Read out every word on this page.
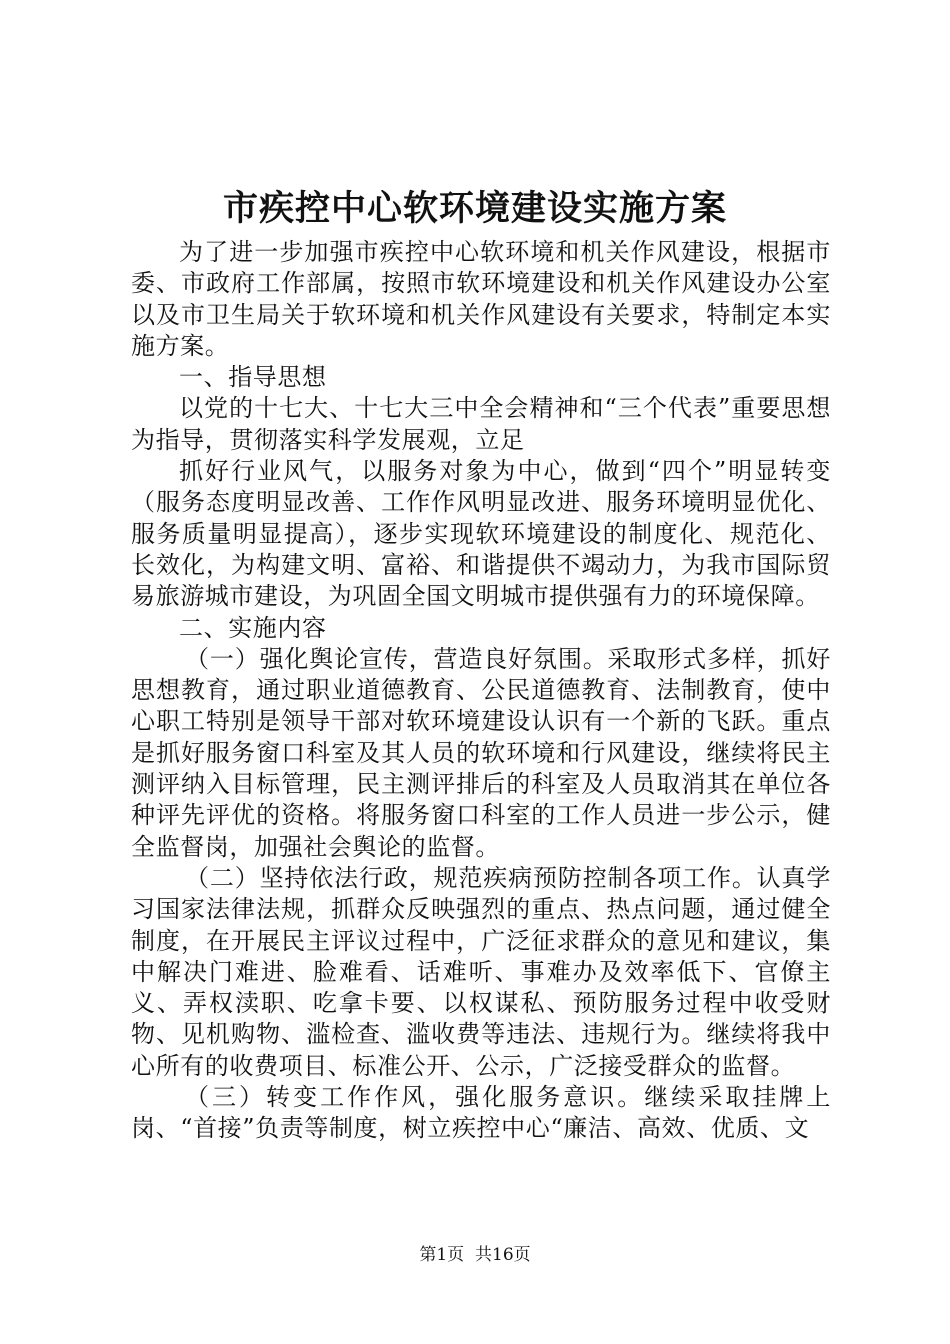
市疾控中心软环境建设实施方案

为了进一步加强市疾控中心软环境和机关作风建设，根据市委、市政府工作部属，按照市软环境建设和机关作风建设办公室以及市卫生局关于软环境和机关作风建设有关要求，特制定本实施方案。

一、指导思想

以党的十七大、十七大三中全会精神和“三个代表”重要思想为指导，贯彻落实科学发展观，立足

抓好行业风气，以服务对象为中心，做到“四个”明显转变（服务态度明显改善、工作作风明显改进、服务环境明显优化、服务质量明显提高），逐步实现软环境建设的制度化、规范化、长效化，为构建文明、富裕、和谐提供不竭动力，为我市国际贸易旅游城市建设，为巩固全国文明城市提供强有力的环境保障。

二、实施内容

（一）强化舆论宣传，营造良好氛围。采取形式多样，抓好思想教育，通过职业道德教育、公民道德教育、法制教育，使中心职工特别是领导干部对软环境建设认识有一个新的飞跃。重点是抓好服务窗口科室及其人员的软环境和行风建设，继续将民主测评纳入目标管理，民主测评排后的科室及人员取消其在单位各种评先评优的资格。将服务窗口科室的工作人员进一步公示，健全监督岗，加强社会舆论的监督。

（二）坚持依法行政，规范疾病预防控制各项工作。认真学习国家法律法规，抓群众反映强烈的重点、热点问题，通过健全制度，在开展民主评议过程中，广泛征求群众的意见和建议，集中解决门难进、脸难看、话难听、事难办及效率低下、官僚主义、弄权渎职、吃拿卡要、以权谋私、预防服务过程中收受财物、见机购物、滥检查、滥收费等违法、违规行为。继续将我中心所有的收费项目、标准公开、公示，广泛接受群众的监督。

（三）转变工作作风，强化服务意识。继续采取挂牌上岗、“首接”负责等制度，树立疾控中心“廉洁、高效、优质、文

第1页 共16页
